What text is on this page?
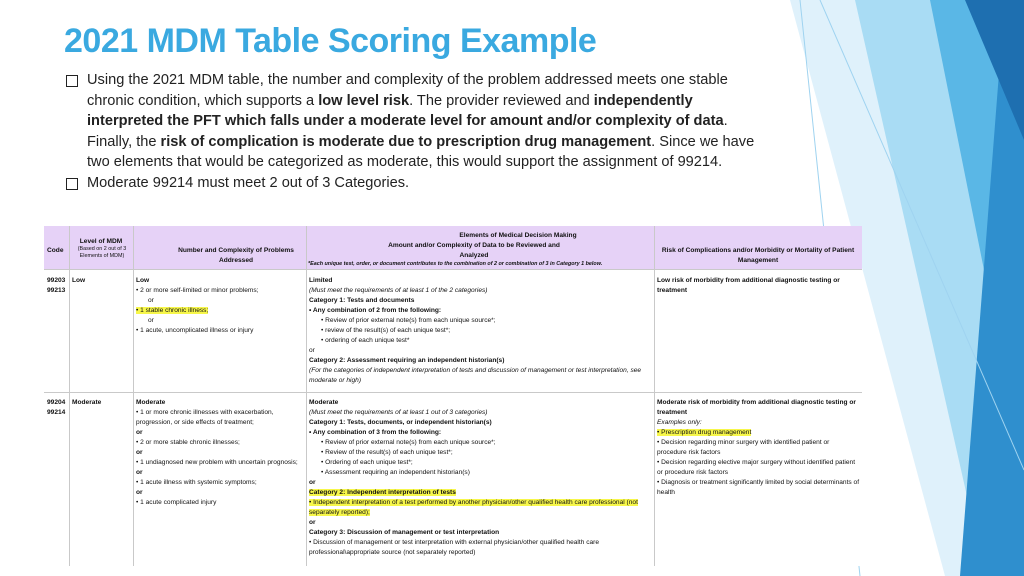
2021 MDM Table Scoring Example
Using the 2021 MDM table, the number and complexity of the problem addressed meets one stable chronic condition, which supports a low level risk. The provider reviewed and independently interpreted the PFT which falls under a moderate level for amount and/or complexity of data. Finally, the risk of complication is moderate due to prescription drug management. Since we have two elements that would be categorized as moderate, this would support the assignment of 99214.
Moderate 99214 must meet 2 out of 3 Categories.
Code
Level of MDM
(Based on 2 out of 3 Elements of MDM)
Elements of Medical Decision Making
Number and Complexity of Problems Addressed
Amount and/or Complexity of Data to be Reviewed and Analyzed
*Each unique test, order, or document contributes to the combination of 2 or combination of 3 in Category 1 below.
Risk of Complications and/or Morbidity or Mortality of Patient Management
99203
99213
Low	Low
• 2 or more self-limited or minor problems;
or
• 1 stable chronic illness;
or
• 1 acute, uncomplicated illness or injury
Limited
(Must meet the requirements of at least 1 of the 2 categories)
Category 1: Tests and documents
• Any combination of 2 from the following:
• Review of prior external note(s) from each unique source*;
• review of the result(s) of each unique test*;
• ordering of each unique test*
or
Category 2: Assessment requiring an independent historian(s)
(For the categories of independent interpretation of tests and discussion of management or test interpretation, see moderate or high)
Low risk of morbidity from additional diagnostic testing or treatment
99204
99214
Moderate	Moderate
• 1 or more chronic illnesses with exacerbation, progression, or side effects of treatment;
or
• 2 or more stable chronic illnesses;
or
• 1 undiagnosed new problem with uncertain prognosis;
or
• 1 acute illness with systemic symptoms;
or
• 1 acute complicated injury
Moderate
(Must meet the requirements of at least 1 out of 3 categories)
Category 1: Tests, documents, or independent historian(s)
• Any combination of 3 from the following:
• Review of prior external note(s) from each unique source*;
• Review of the result(s) of each unique test*;
• Ordering of each unique test*;
• Assessment requiring an independent historian(s)
or
Category 2: Independent interpretation of tests
• Independent interpretation of a test performed by another physician/other qualified health care professional (not separately reported);
or
Category 3: Discussion of management or test interpretation
• Discussion of management or test interpretation with external physician/other qualified health care professional\appropriate source (not separately reported)
Moderate risk of morbidity from additional diagnostic testing or treatment
Examples only:
• Prescription drug management
• Decision regarding minor surgery with identified patient or procedure risk factors
• Decision regarding elective major surgery without identified patient or procedure risk factors
• Diagnosis or treatment significantly limited by social determinants of health
